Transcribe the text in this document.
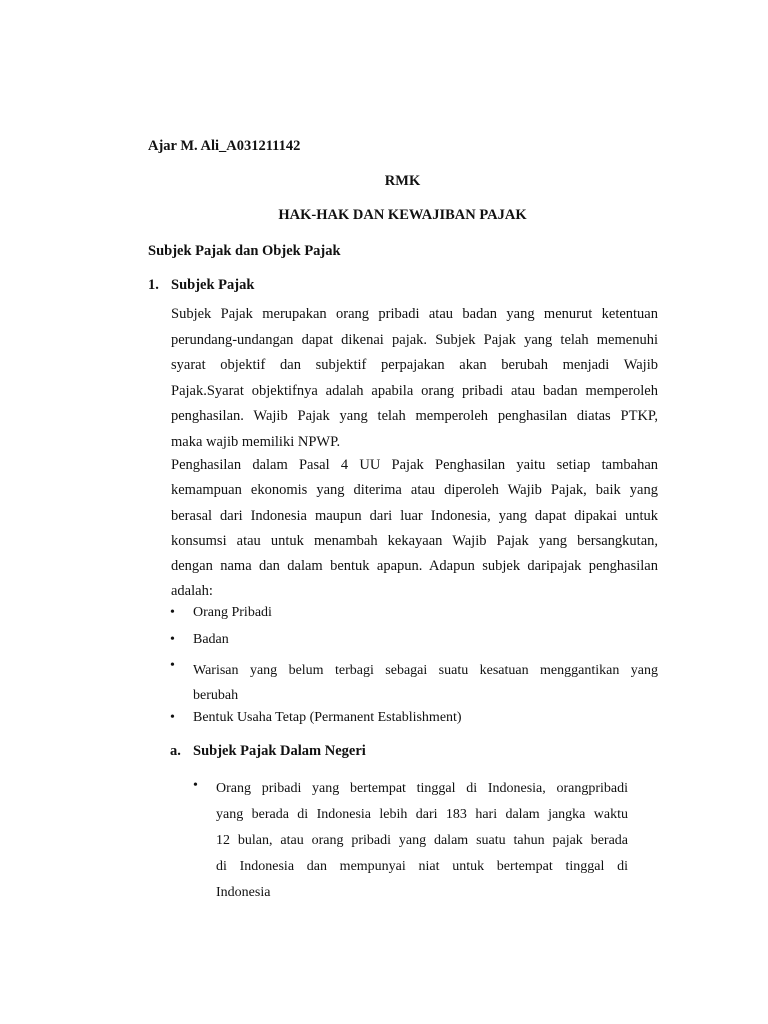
Ajar M. Ali_A031211142
RMK
HAK-HAK DAN KEWAJIBAN PAJAK
Subjek Pajak dan Objek Pajak
1. Subjek Pajak
Subjek Pajak merupakan orang pribadi atau badan yang menurut ketentuan
perundang-undangan dapat dikenai pajak. Subjek Pajak yang telah memenuhi
syarat objektif dan subjektif perpajakan akan berubah menjadi Wajib
Pajak.Syarat objektifnya adalah apabila orang pribadi atau badan memperoleh
penghasilan. Wajib Pajak yang telah memperoleh penghasilan diatas PTKP,
maka wajib memiliki NPWP.
Penghasilan dalam Pasal 4 UU Pajak Penghasilan yaitu setiap tambahan
kemampuan ekonomis yang diterima atau diperoleh Wajib Pajak, baik yang
berasal dari Indonesia maupun dari luar Indonesia, yang dapat dipakai untuk
konsumsi atau untuk menambah kekayaan Wajib Pajak yang bersangkutan,
dengan nama dan dalam bentuk apapun. Adapun subjek daripajak penghasilan
adalah:
• Orang Pribadi
• Badan
• Warisan yang belum terbagi sebagai suatu kesatuan menggantikan yang
berubah
• Bentuk Usaha Tetap (Permanent Establishment)
a. Subjek Pajak Dalam Negeri
• Orang pribadi yang bertempat tinggal di Indonesia, orangpribadi
yang berada di Indonesia lebih dari 183 hari dalam jangka waktu
12 bulan, atau orang pribadi yang dalam suatu tahun pajak berada
di Indonesia dan mempunyai niat untuk bertempat tinggal di
Indonesia
